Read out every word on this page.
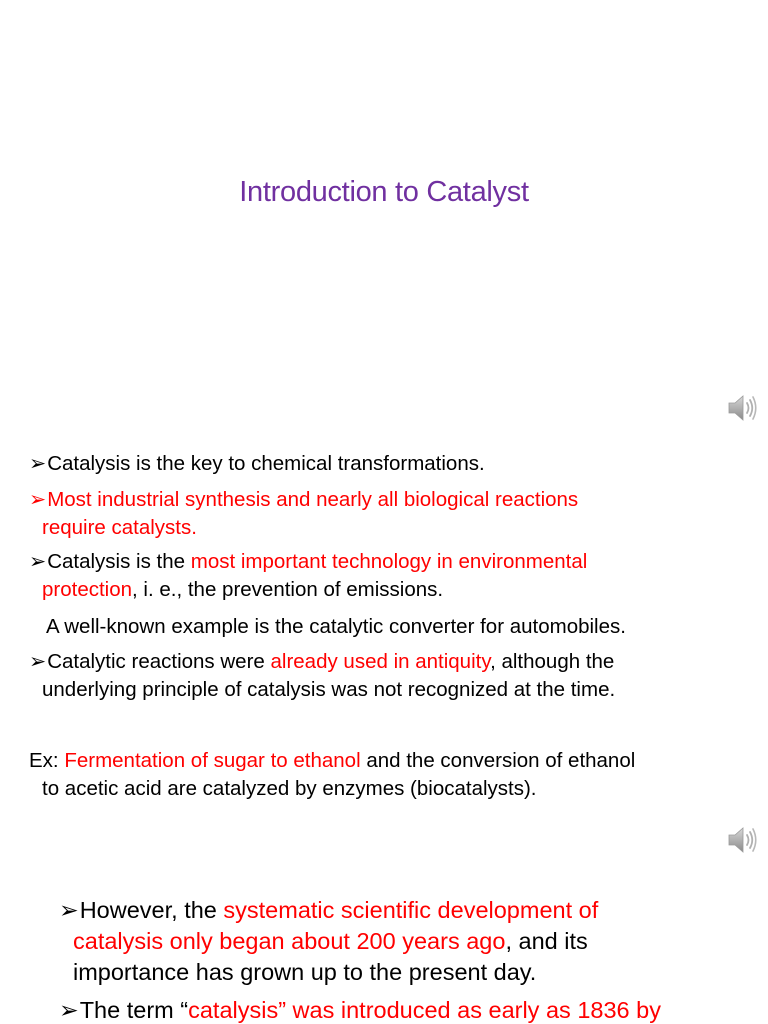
Introduction to Catalyst
➢Catalysis is the key to chemical transformations.
➢Most industrial synthesis and nearly all biological reactions
require catalysts.
➢Catalysis is the most important technology in environmental
protection, i. e., the prevention of emissions.
A well-known example is the catalytic converter for automobiles.
➢Catalytic reactions were already used in antiquity, although the
underlying principle of catalysis was not recognized at the time.
Ex: Fermentation of sugar to ethanol and the conversion of ethanol
to acetic acid are catalyzed by enzymes (biocatalysts).
➢However, the systematic scientific development of
catalysis only began about 200 years ago, and its
importance has grown up to the present day.
➢The term “catalysis” was introduced as early as 1836 by
